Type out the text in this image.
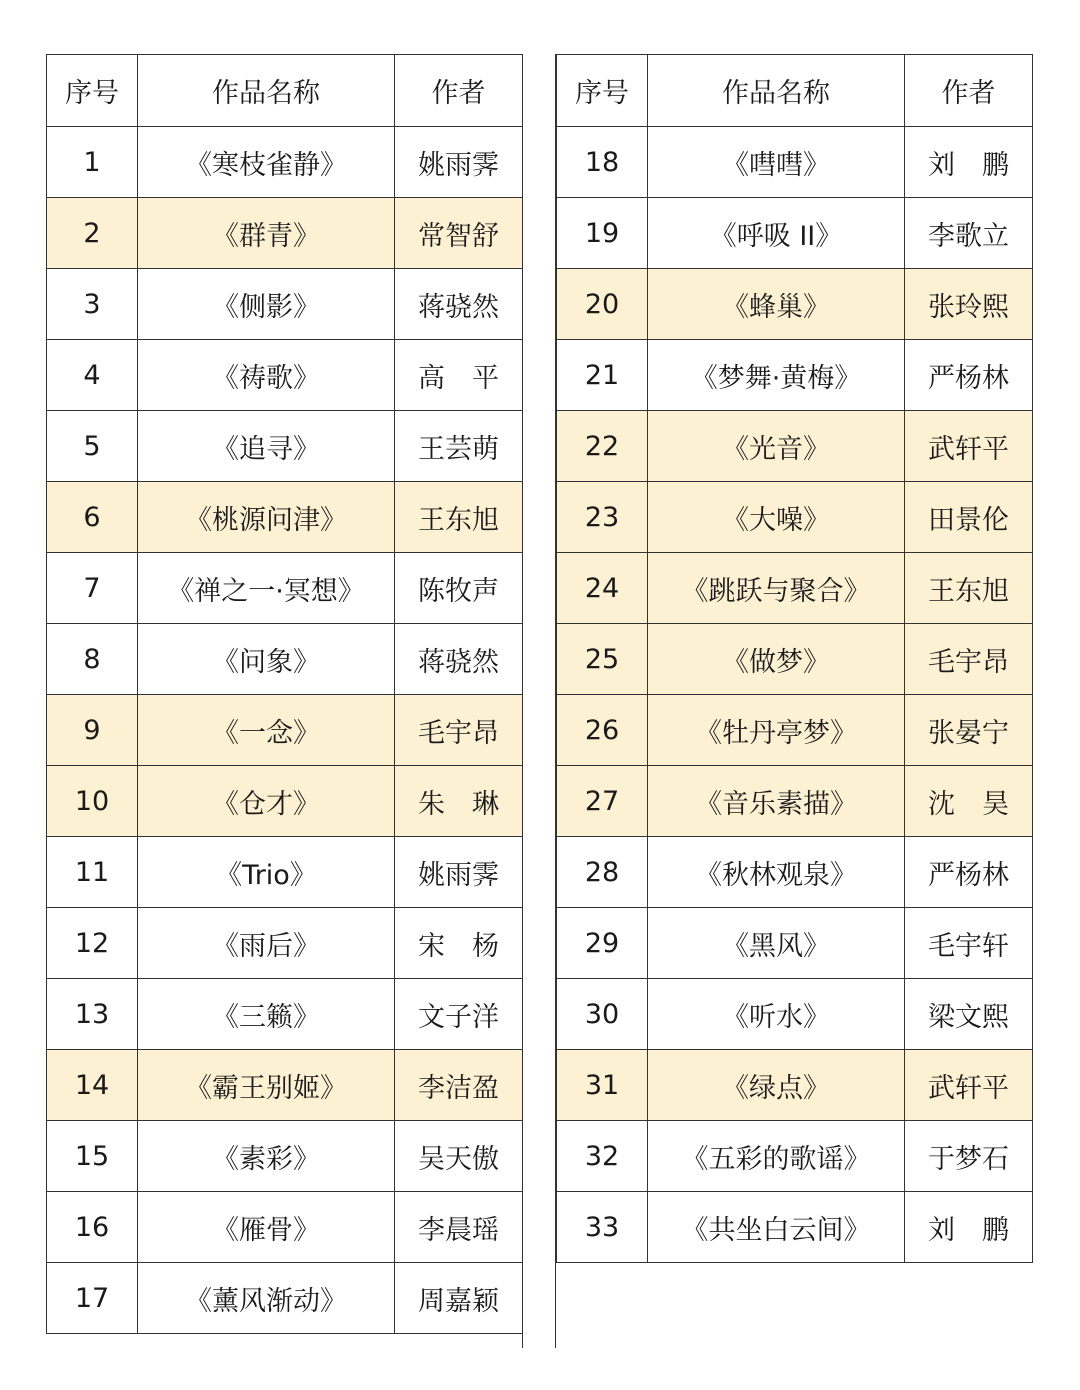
序号	作品名称	作者
1	《寒枝雀静》	姚雨霁
2	《群青》	常智舒
3	《侧影》	蒋骁然
4	《祷歌》	高　平
5	《追寻》	王芸萌
6	《桃源问津》	王东旭
7	《禅之一·冥想》	陈牧声
8	《问象》	蒋骁然
9	《一念》	毛宇昂
10	《仓才》	朱　琳
11	《Trio》	姚雨霁
12	《雨后》	宋　杨
13	《三籁》	文子洋
14	《霸王别姬》	李洁盈
15	《素彩》	吴天傲
16	《雁骨》	李晨瑶
17	《薰风渐动》	周嘉颖
序号	作品名称	作者
18	《嘒嘒》	刘　鹏
19	《呼吸 II》	李歌立
20	《蜂巢》	张玲熙
21	《梦舞·黄梅》	严杨林
22	《光音》	武轩平
23	《大噪》	田景伦
24	《跳跃与聚合》	王东旭
25	《做梦》	毛宇昂
26	《牡丹亭梦》	张晏宁
27	《音乐素描》	沈　昊
28	《秋林观泉》	严杨林
29	《黑风》	毛宇轩
30	《听水》	梁文熙
31	《绿点》	武轩平
32	《五彩的歌谣》	于梦石
33	《共坐白云间》	刘　鹏
